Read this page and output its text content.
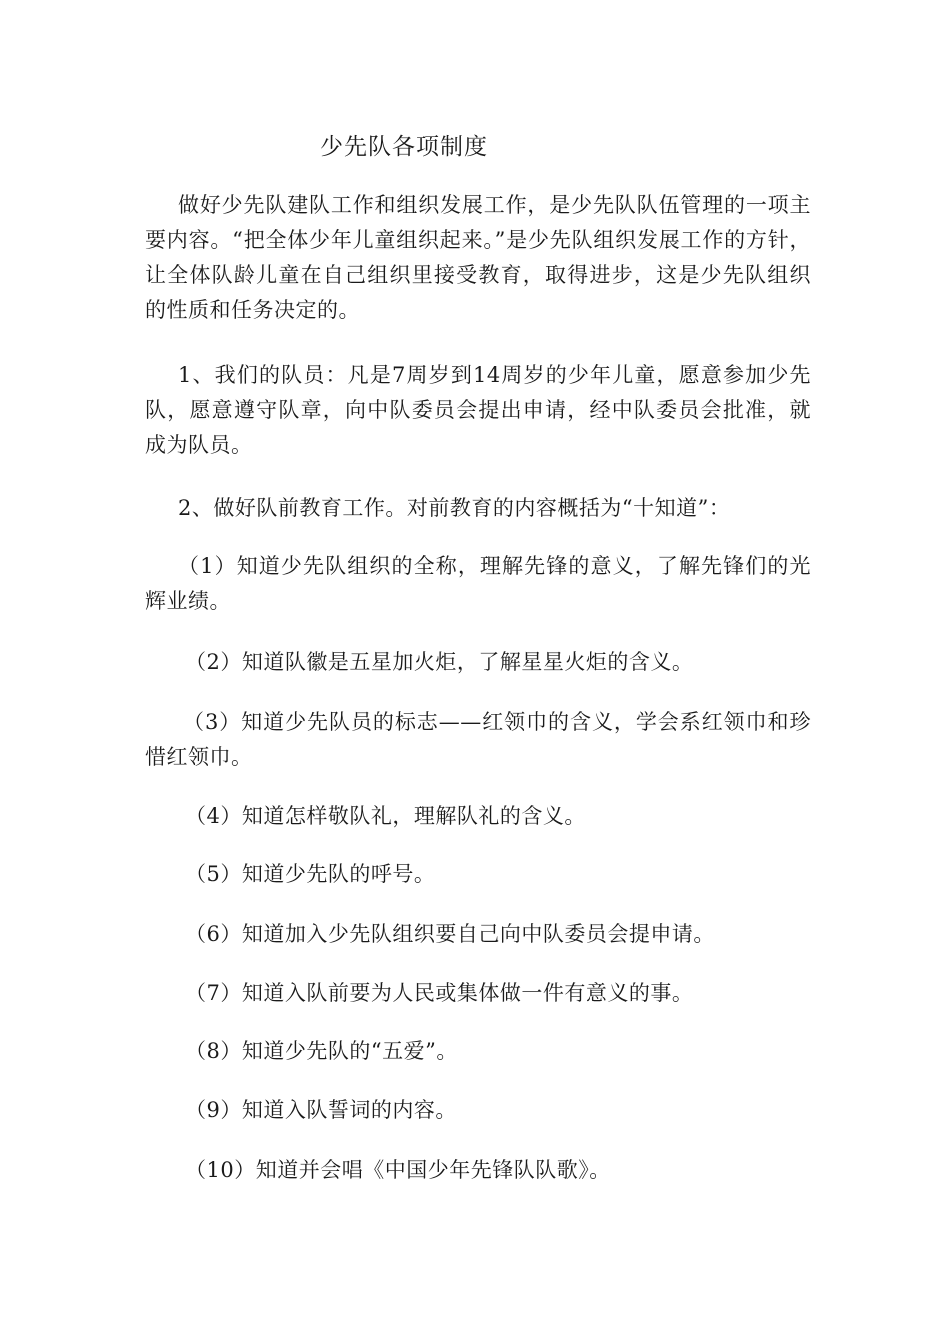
少先队各项制度

做好少先队建队工作和组织发展工作，是少先队队伍管理的一项主要内容。“把全体少年儿童组织起来。”是少先队组织发展工作的方针，让全体队龄儿童在自己组织里接受教育，取得进步，这是少先队组织的性质和任务决定的。

1、我们的队员：凡是7周岁到14周岁的少年儿童，愿意参加少先队，愿意遵守队章，向中队委员会提出申请，经中队委员会批准，就成为队员。

2、做好队前教育工作。对前教育的内容概括为“十知道”：

（1）知道少先队组织的全称，理解先锋的意义，了解先锋们的光辉业绩。

（2）知道队徽是五星加火炬，了解星星火炬的含义。

（3）知道少先队员的标志——红领巾的含义，学会系红领巾和珍惜红领巾。

（4）知道怎样敬队礼，理解队礼的含义。

（5）知道少先队的呼号。

（6）知道加入少先队组织要自己向中队委员会提申请。

（7）知道入队前要为人民或集体做一件有意义的事。

（8）知道少先队的“五爱”。

（9）知道入队誓词的内容。

（10）知道并会唱《中国少年先锋队队歌》。
